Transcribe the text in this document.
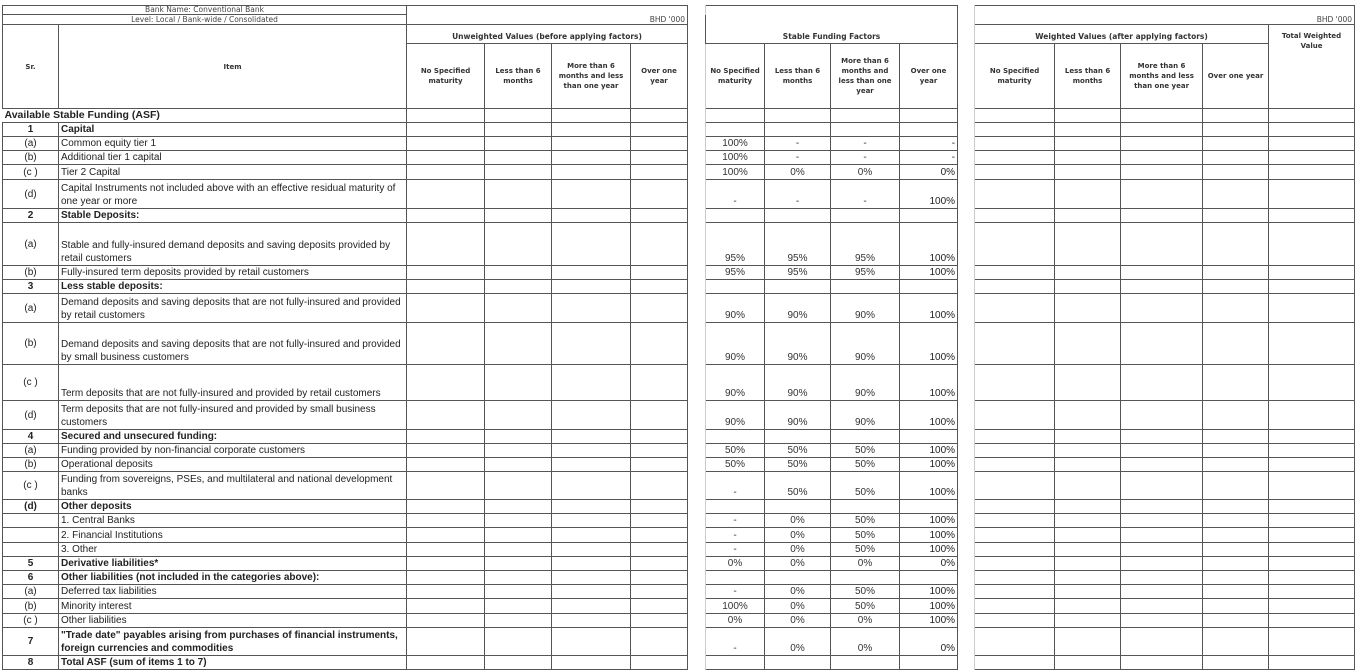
Bank Name: Conventional Bank							Stable Funding Factors									
Level: Local / Bank-wide / Consolidated		BHD '000										BHD '000				
Sr.	Item	Unweighted Values (before applying factors)										Weighted Values (after applying factors)				Total Weighted Value
		No Specified maturity	Less than 6 months	More than 6 months and less than one year	Over one year		No Specified maturity	Less than 6 months	More than 6 months and less than one year	Over one year		No Specified maturity	Less than 6 months	More than 6 months and less than one year	Over one year	
Available Stable Funding (ASF)																
1	Capital															
(a)	Common equity tier 1						100%	-	-	-						
(b)	Additional tier 1 capital						100%	-	-	-						
(c )	Tier 2 Capital						100%	0%	0%	0%						
(d)	Capital Instruments not included above with an effective residual maturity of one year or more						-	-	-	100%						
2	Stable Deposits:															
(a)	Stable and fully-insured demand deposits and saving deposits provided by retail customers						95%	95%	95%	100%						
(b)	Fully-insured term deposits provided by retail customers						95%	95%	95%	100%						
3	Less stable deposits:															
(a)	Demand deposits and saving deposits that are not fully-insured and provided by retail customers						90%	90%	90%	100%						
(b)	Demand deposits and saving deposits that are not fully-insured and provided by small business customers						90%	90%	90%	100%						
(c )	Term deposits that are not fully-insured and provided by retail customers						90%	90%	90%	100%						
(d)	Term deposits that are not fully-insured and provided by small business customers						90%	90%	90%	100%						
4	Secured and unsecured funding:															
(a)	Funding provided by non-financial corporate customers						50%	50%	50%	100%						
(b)	Operational deposits						50%	50%	50%	100%						
(c )	Funding from sovereigns, PSEs, and multilateral and national development banks						-	50%	50%	100%						
(d)	Other deposits															
	1. Central Banks						-	0%	50%	100%						
	2. Financial Institutions						-	0%	50%	100%						
	3. Other						-	0%	50%	100%						
5	Derivative liabilities*						0%	0%	0%	0%						
6	Other liabilities (not included in the categories above):															
(a)	Deferred tax liabilities						-	0%	50%	100%						
(b)	Minority interest						100%	0%	50%	100%						
(c )	Other liabilities						0%	0%	0%	100%						
7	"Trade date" payables arising from purchases of financial instruments, foreign currencies and commodities						-	0%	0%	0%						
8	Total ASF (sum of items 1 to 7)															
